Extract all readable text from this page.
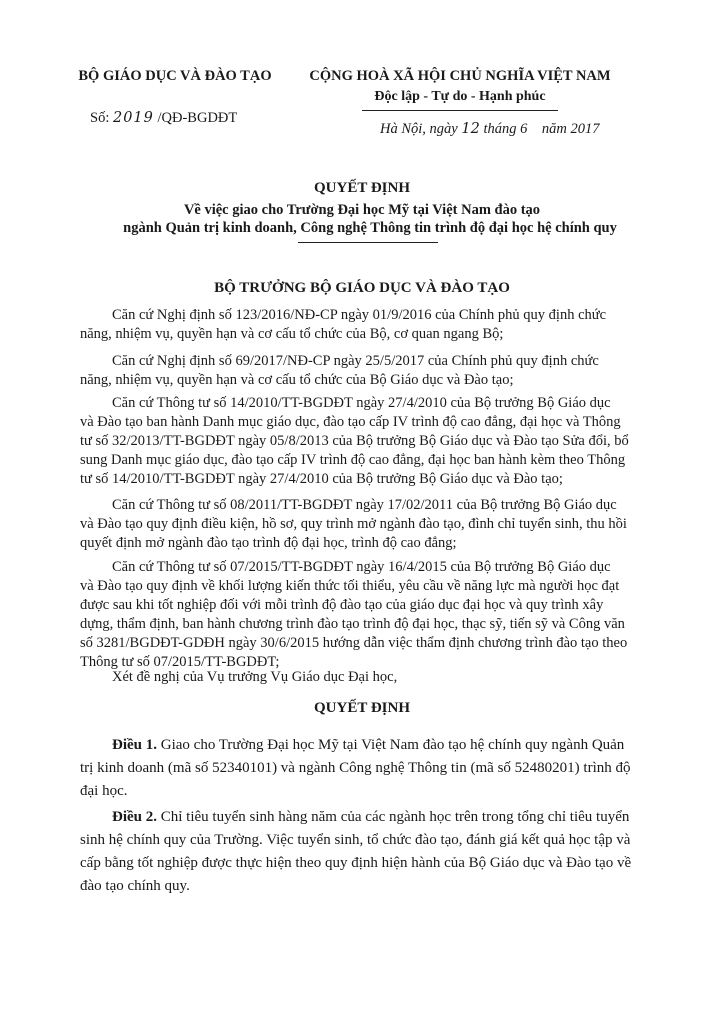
BỘ GIÁO DỤC VÀ ĐÀO TẠO	CỘNG HOÀ XÃ HỘI CHỦ NGHĨA VIỆT NAM
Độc lập - Tự do - Hạnh phúc
Số: 2019 /QĐ-BGDĐT
Hà Nội, ngày 12 tháng 6 năm 2017
QUYẾT ĐỊNH
Về việc giao cho Trường Đại học Mỹ tại Việt Nam đào tạo
ngành Quản trị kinh doanh, Công nghệ Thông tin trình độ đại học hệ chính quy
BỘ TRƯỞNG BỘ GIÁO DỤC VÀ ĐÀO TẠO
Căn cứ Nghị định số 123/2016/NĐ-CP ngày 01/9/2016 của Chính phủ quy định chức
năng, nhiệm vụ, quyền hạn và cơ cấu tổ chức của Bộ, cơ quan ngang Bộ;
Căn cứ Nghị định số 69/2017/NĐ-CP ngày 25/5/2017 của Chính phủ quy định chức
năng, nhiệm vụ, quyền hạn và cơ cấu tổ chức của Bộ Giáo dục và Đào tạo;
Căn cứ Thông tư số 14/2010/TT-BGDĐT ngày 27/4/2010 của Bộ trưởng Bộ Giáo dục
và Đào tạo ban hành Danh mục giáo dục, đào tạo cấp IV trình độ cao đẳng, đại học và Thông
tư số 32/2013/TT-BGDĐT ngày 05/8/2013 của Bộ trưởng Bộ Giáo dục và Đào tạo Sửa đổi, bổ
sung Danh mục giáo dục, đào tạo cấp IV trình độ cao đẳng, đại học ban hành kèm theo Thông
tư số 14/2010/TT-BGDĐT ngày 27/4/2010 của Bộ trưởng Bộ Giáo dục và Đào tạo;
Căn cứ Thông tư số 08/2011/TT-BGDĐT ngày 17/02/2011 của Bộ trưởng Bộ Giáo dục
và Đào tạo quy định điều kiện, hồ sơ, quy trình mở ngành đào tạo, đình chỉ tuyển sinh, thu hồi
quyết định mở ngành đào tạo trình độ đại học, trình độ cao đẳng;
Căn cứ Thông tư số 07/2015/TT-BGDĐT ngày 16/4/2015 của Bộ trưởng Bộ Giáo dục
và Đào tạo quy định về khối lượng kiến thức tối thiểu, yêu cầu về năng lực mà người học đạt
được sau khi tốt nghiệp đối với mỗi trình độ đào tạo của giáo dục đại học và quy trình xây
dựng, thẩm định, ban hành chương trình đào tạo trình độ đại học, thạc sỹ, tiến sỹ và Công văn
số 3281/BGDĐT-GDĐH ngày 30/6/2015 hướng dẫn việc thẩm định chương trình đào tạo theo
Thông tư số 07/2015/TT-BGDĐT;
Xét đề nghị của Vụ trưởng Vụ Giáo dục Đại học,
QUYẾT ĐỊNH
Điều 1. Giao cho Trường Đại học Mỹ tại Việt Nam đào tạo hệ chính quy ngành Quản
trị kinh doanh (mã số 52340101) và ngành Công nghệ Thông tin (mã số 52480201) trình độ
đại học.
Điều 2. Chỉ tiêu tuyển sinh hàng năm của các ngành học trên trong tổng chỉ tiêu tuyển
sinh hệ chính quy của Trường. Việc tuyển sinh, tổ chức đào tạo, đánh giá kết quả học tập và
cấp bằng tốt nghiệp được thực hiện theo quy định hiện hành của Bộ Giáo dục và Đào tạo về
đào tạo chính quy.
